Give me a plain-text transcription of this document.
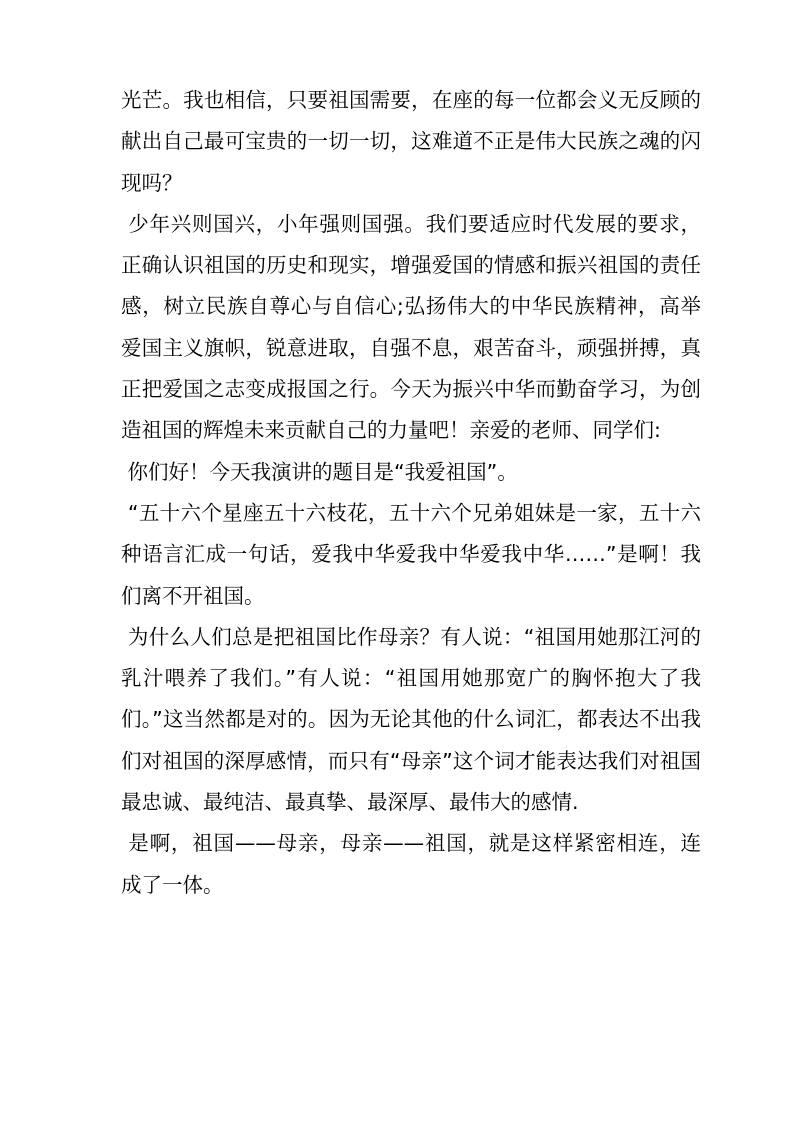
光芒。我也相信，只要祖国需要，在座的每一位都会义无反顾的献出自己最可宝贵的一切一切，这难道不正是伟大民族之魂的闪现吗？

少年兴则国兴，小年强则国强。我们要适应时代发展的要求，正确认识祖国的历史和现实，增强爱国的情感和振兴祖国的责任感，树立民族自尊心与自信心;弘扬伟大的中华民族精神，高举爱国主义旗帜，锐意进取，自强不息，艰苦奋斗，顽强拼搏，真正把爱国之志变成报国之行。今天为振兴中华而勤奋学习，为创造祖国的辉煌未来贡献自己的力量吧！亲爱的老师、同学们:

你们好！今天我演讲的题目是“我爱祖国”。

“五十六个星座五十六枝花，五十六个兄弟姐妹是一家，五十六种语言汇成一句话，爱我中华爱我中华爱我中华……”是啊！我们离不开祖国。

为什么人们总是把祖国比作母亲？有人说：“祖国用她那江河的乳汁喂养了我们。”有人说：“祖国用她那宽广的胸怀抱大了我们。”这当然都是对的。因为无论其他的什么词汇，都表达不出我们对祖国的深厚感情，而只有“母亲”这个词才能表达我们对祖国最忠诚、最纯洁、最真挚、最深厚、最伟大的感情.

是啊，祖国——母亲，母亲——祖国，就是这样紧密相连，连成了一体。
